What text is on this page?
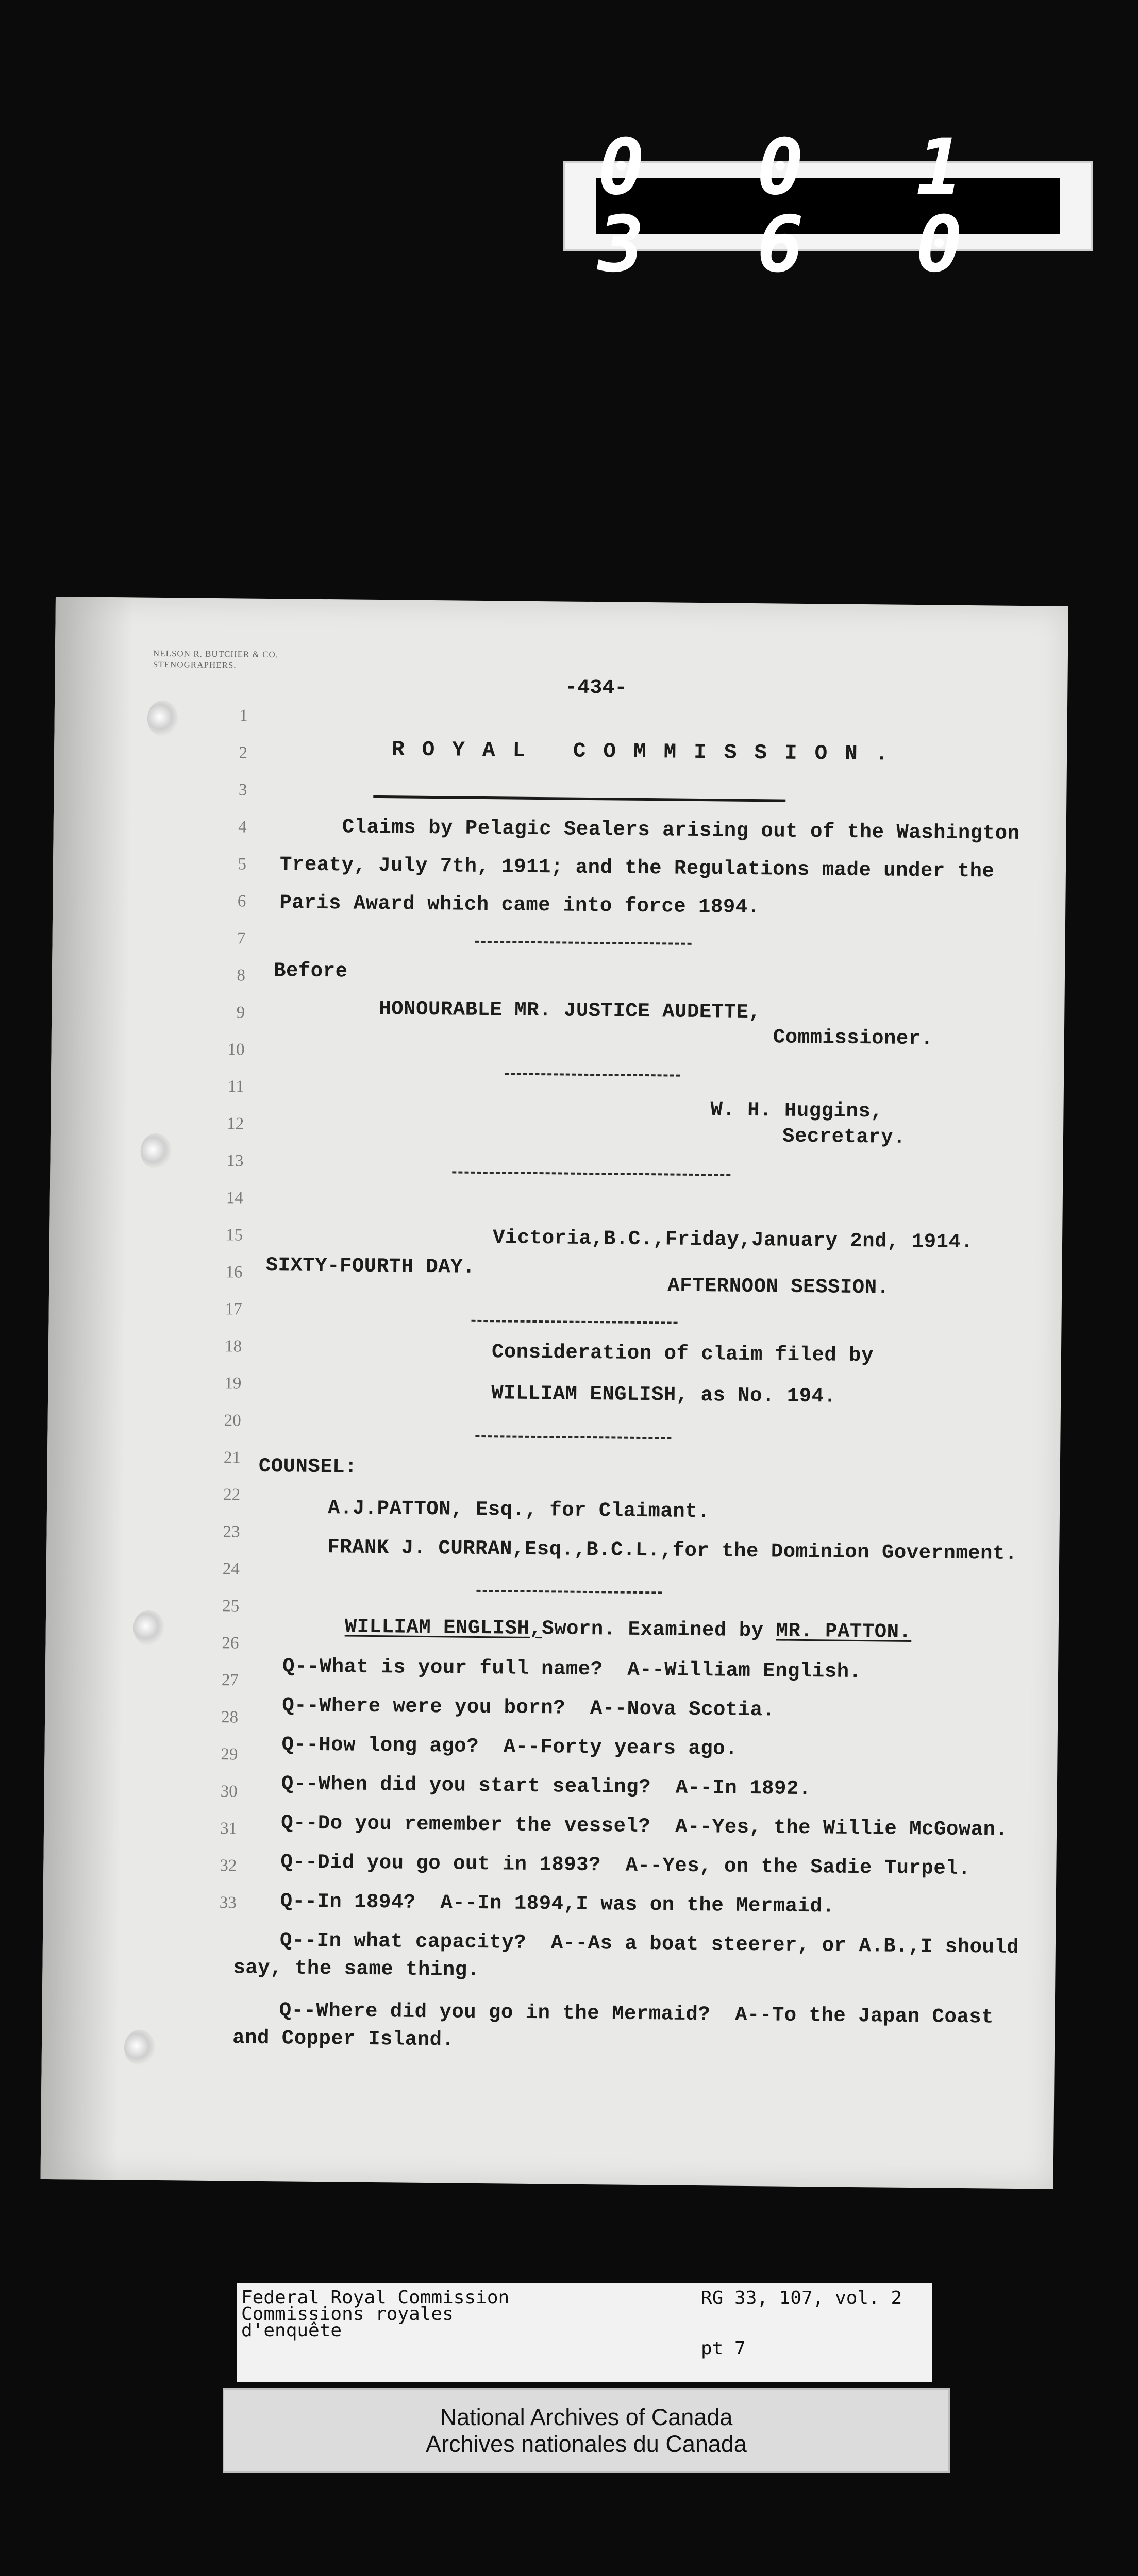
0 0 1 3 6 0
NELSON R. BUTCHER & CO.
STENOGRAPHERS.
-434-
1
2
3
4
5
6
7
8
9
10
11
12
13
14
15
16
17
18
19
20
21
22
23
24
25
26
27
28
29
30
31
32
33
ROYAL COMMISSION.
Claims by Pelagic Sealers arising out of the Washington
Treaty, July 7th, 1911; and the Regulations made under the
Paris Award which came into force 1894.
Before
HONOURABLE MR. JUSTICE AUDETTE,
Commissioner.
W. H. Huggins,
Secretary.
Victoria,B.C.,Friday,January 2nd, 1914.
SIXTY-FOURTH DAY.
AFTERNOON SESSION.
Consideration of claim filed by
WILLIAM ENGLISH, as No. 194.
COUNSEL:
A.J.PATTON, Esq., for Claimant.
FRANK J. CURRAN,Esq.,B.C.L.,for the Dominion Government.
WILLIAM ENGLISH,Sworn. Examined by MR. PATTON.
Q--What is your full name?  A--William English.
Q--Where were you born?  A--Nova Scotia.
Q--How long ago?  A--Forty years ago.
Q--When did you start sealing?  A--In 1892.
Q--Do you remember the vessel?  A--Yes, the Willie McGowan.
Q--Did you go out in 1893?  A--Yes, on the Sadie Turpel.
Q--In 1894?  A--In 1894,I was on the Mermaid.
Q--In what capacity?  A--As a boat steerer, or A.B.,I should
say, the same thing.
Q--Where did you go in the Mermaid?  A--To the Japan Coast
and Copper Island.
Federal Royal Commission
Commissions royales
d'enquête
RG 33, 107, vol. 2
pt 7
National Archives of Canada
Archives nationales du Canada
